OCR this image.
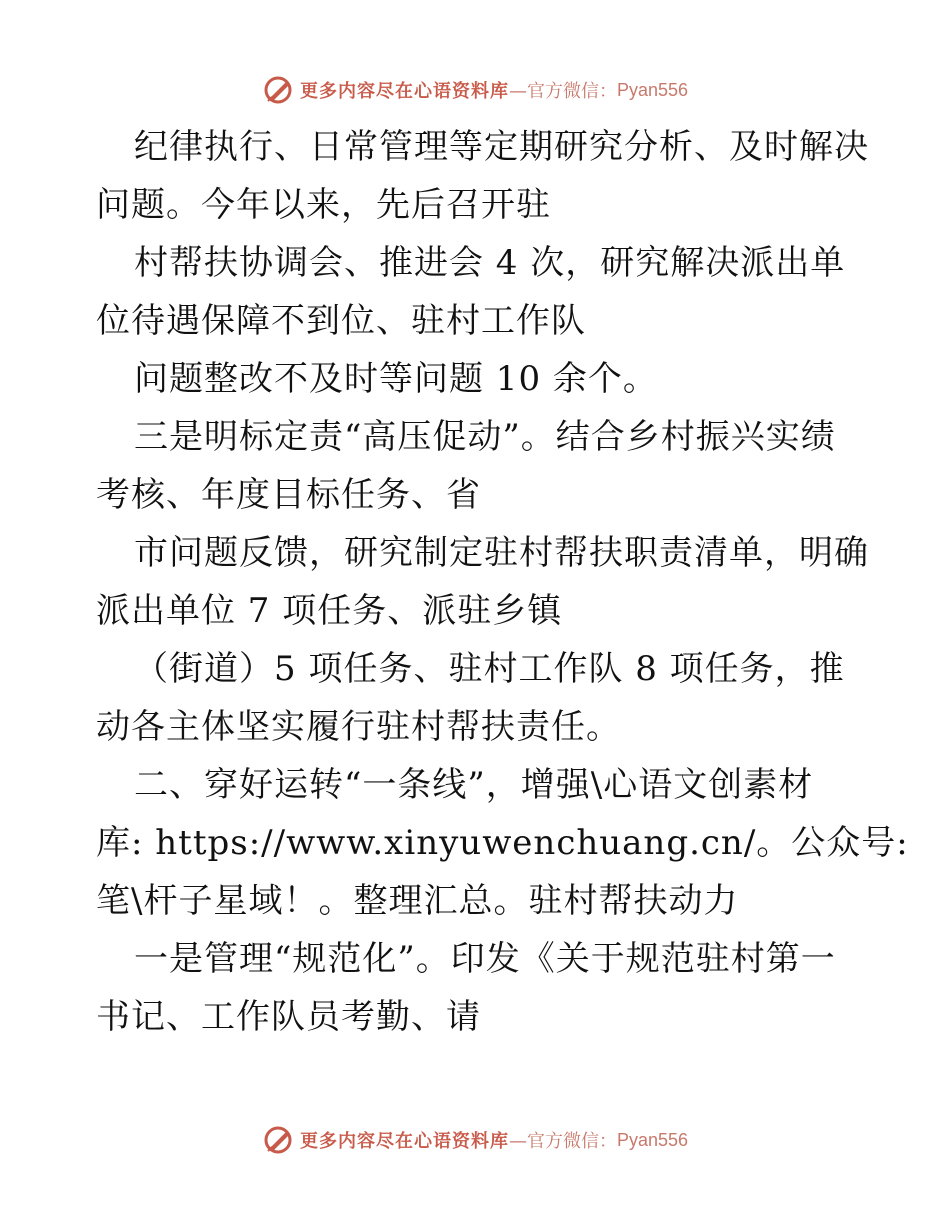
更多内容尽在心语资料库 —官方微信： Pyan556
纪律执行、日常管理等定期研究分析、及时解决
问题。今年以来，先后召开驻
村帮扶协调会、推进会 4 次，研究解决派出单
位待遇保障不到位、驻村工作队
问题整改不及时等问题 10 余个。
三是明标定责“高压促动”。结合乡村振兴实绩
考核、年度目标任务、省
市问题反馈，研究制定驻村帮扶职责清单，明确
派出单位 7 项任务、派驻乡镇
（街道）5 项任务、驻村工作队 8 项任务，推
动各主体坚实履行驻村帮扶责任。
二、穿好运转“一条线”，增强\心语文创素材
库: https://www.xinyuwenchuang.cn/。公众号:
笔\杆子星域！。整理汇总。驻村帮扶动力
一是管理“规范化”。印发《关于规范驻村第一
书记、工作队员考勤、请
更多内容尽在心语资料库 —官方微信： Pyan556
